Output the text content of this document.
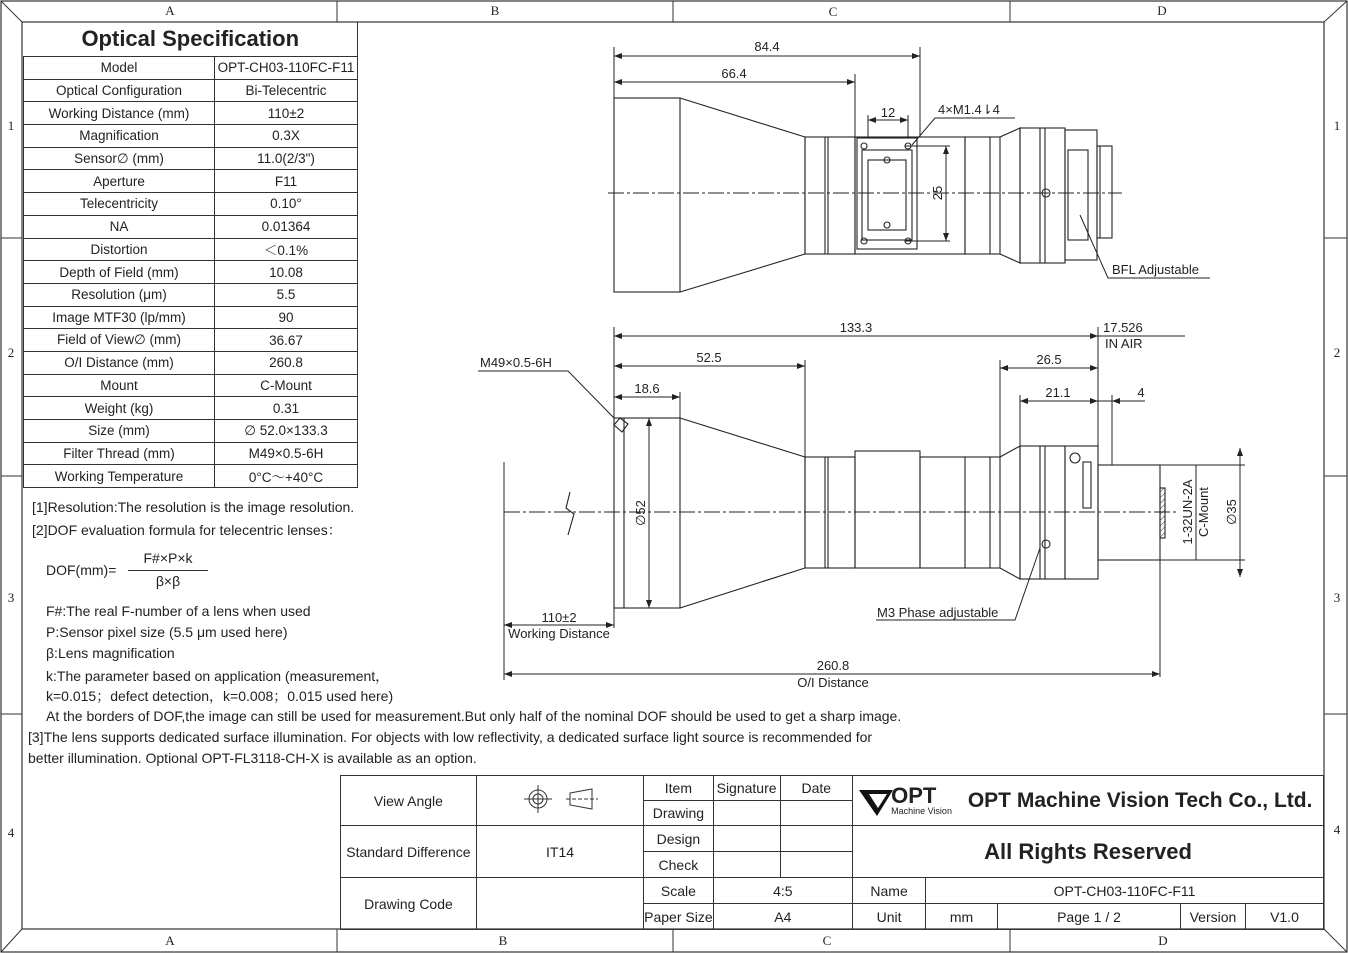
A	B	C	D
A	B	C	D
1
2
3
4
1
2
3
4
Optical Specification	
Model	OPT-CH03-110FC-F11
Optical Configuration	Bi-Telecentric
Working Distance (mm)	110±2
Magnification	0.3X
Sensor∅ (mm)	11.0(2/3")
Aperture	F11
Telecentricity	0.10°
NA	0.01364
Distortion	＜0.1%
Depth of Field (mm)	10.08
Resolution (μm)	5.5
Image MTF30 (lp/mm)	90
Field of View∅ (mm)	36.67
O/I Distance (mm)	260.8
Mount	C-Mount
Weight (kg)	0.31
Size (mm)	∅ 52.0×133.3
Filter Thread (mm)	M49×0.5-6H
Working Temperature	0°C～+40°C
[1]Resolution:The resolution is the image resolution.
[2]DOF evaluation formula for telecentric lenses：
DOF(mm)=
F#×P×k
β×β
F#:The real F-number of a lens when used
P:Sensor pixel size (5.5 μm used here)
β:Lens magnification
k:The parameter based on application (measurement，
k=0.015；defect detection，k=0.008；0.015 used here)
At the borders of DOF,the image can still be used for measurement.But only half of the nominal DOF should be used to get a sharp image.
[3]The lens supports dedicated surface illumination. For objects with low reflectivity, a dedicated surface light source is recommended for
better illumination. Optional OPT-FL3118-CH-X is available as an option.
84.4
66.4
12	4×M1.4⇂4
25
BFL Adjustable
133.3	17.526
IN AIR
M49×0.5-6H	52.5	26.5
18.6	21.1	4
∅52	∅35
1-32UN-2A C-Mount
110±2
Working Distance
M3 Phase adjustable
260.8
O/I Distance
View Angle		Item	Signature	Date	OPT
Machine Vision OPT Machine Vision Tech Co., Ltd.				
		Drawing							
Standard Difference	IT14	Design			All Rights Reserved				
		Check							
Drawing Code		Scale	4:5		Name	OPT-CH03-110FC-F11			
		Paper Size	A4		Unit	mm	Page 1 / 2	Version	V1.0
